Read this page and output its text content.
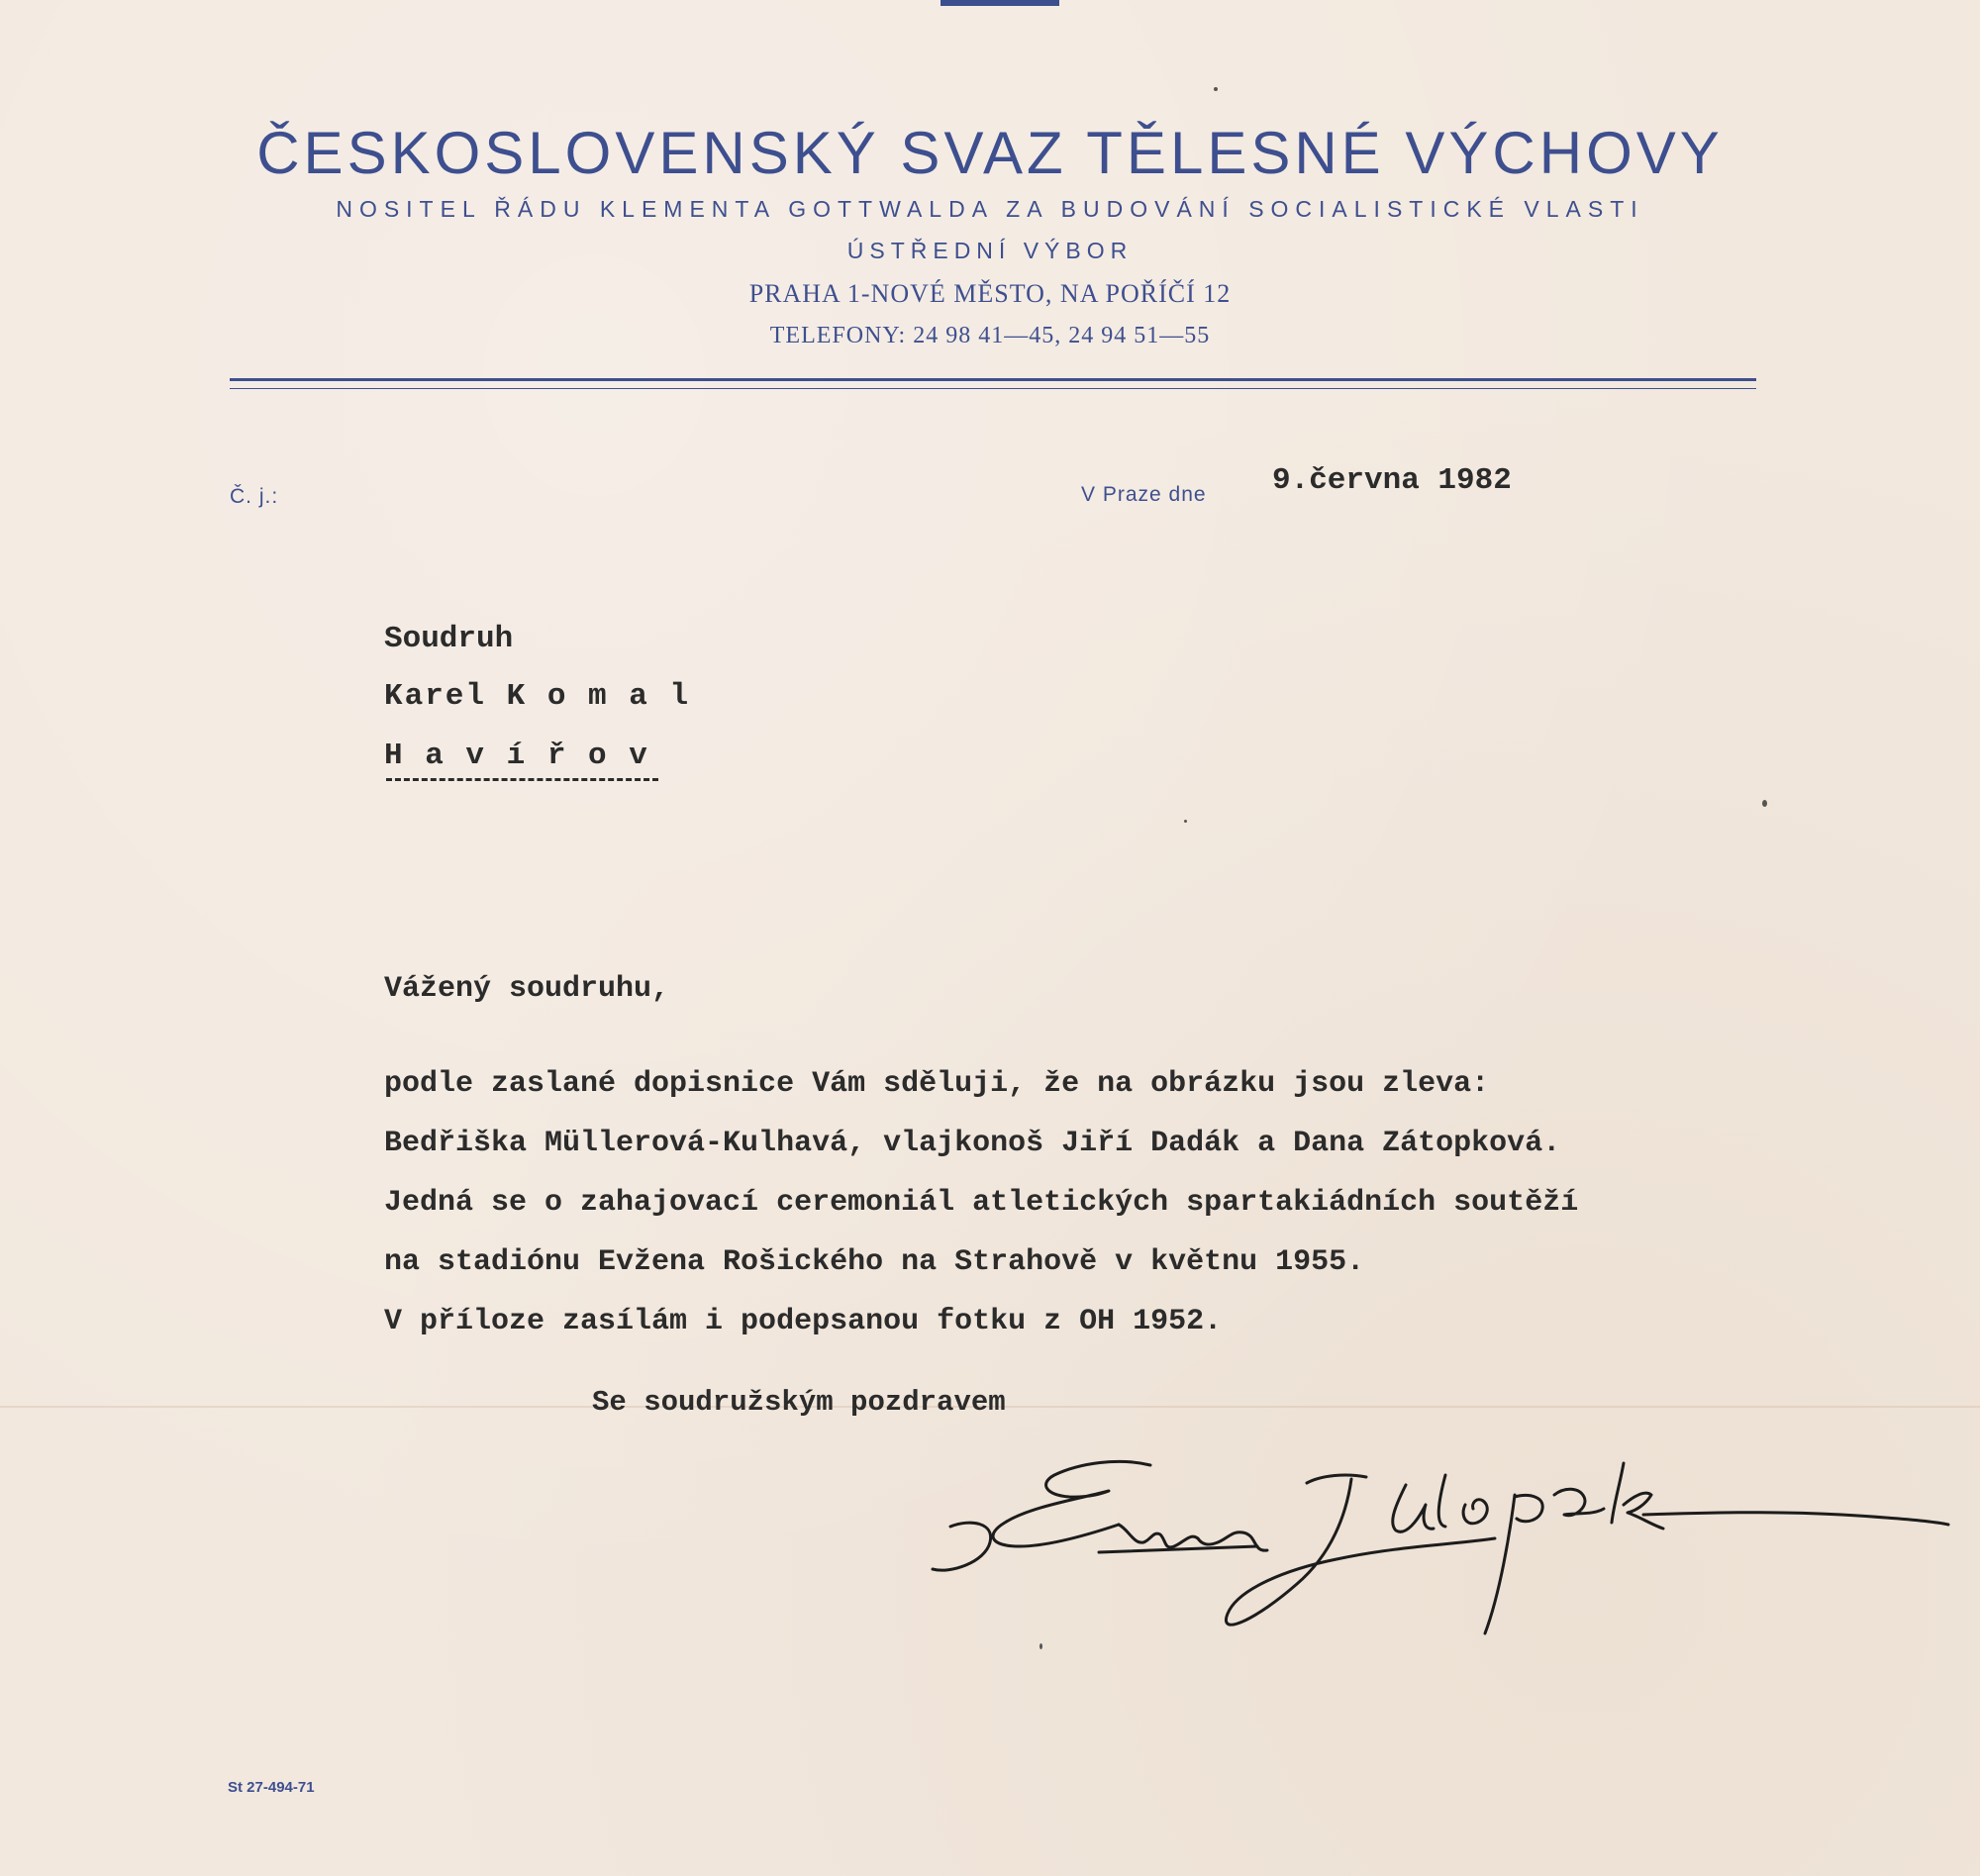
ČESKOSLOVENSKÝ SVAZ TĚLESNÉ VÝCHOVY
NOSITEL ŘÁDU KLEMENTA GOTTWALDA ZA BUDOVÁNÍ SOCIALISTICKÉ VLASTI
ÚSTŘEDNÍ VÝBOR
PRAHA 1-NOVÉ MĚSTO, NA POŘÍČÍ 12
TELEFONY: 24 98 41—45, 24 94 51—55
Č. j.:	V Praze dne 9.června 1982
Soudruh
Karel K o m a l
H a v í ř o v
Vážený soudruhu,
podle zaslané dopisnice Vám sděluji, že na obrázku jsou zleva:
Bedřiška Müllerová-Kulhavá, vlajkonoš Jiří Dadák a Dana Zátopková.
Jedná se o zahajovací ceremoniál atletických spartakiádních soutěží
na stadiónu Evžena Rošického na Strahově v květnu 1955.
V příloze zasílám i podepsanou fotku z OH 1952.
Se soudružským pozdravem
St 27-494-71
